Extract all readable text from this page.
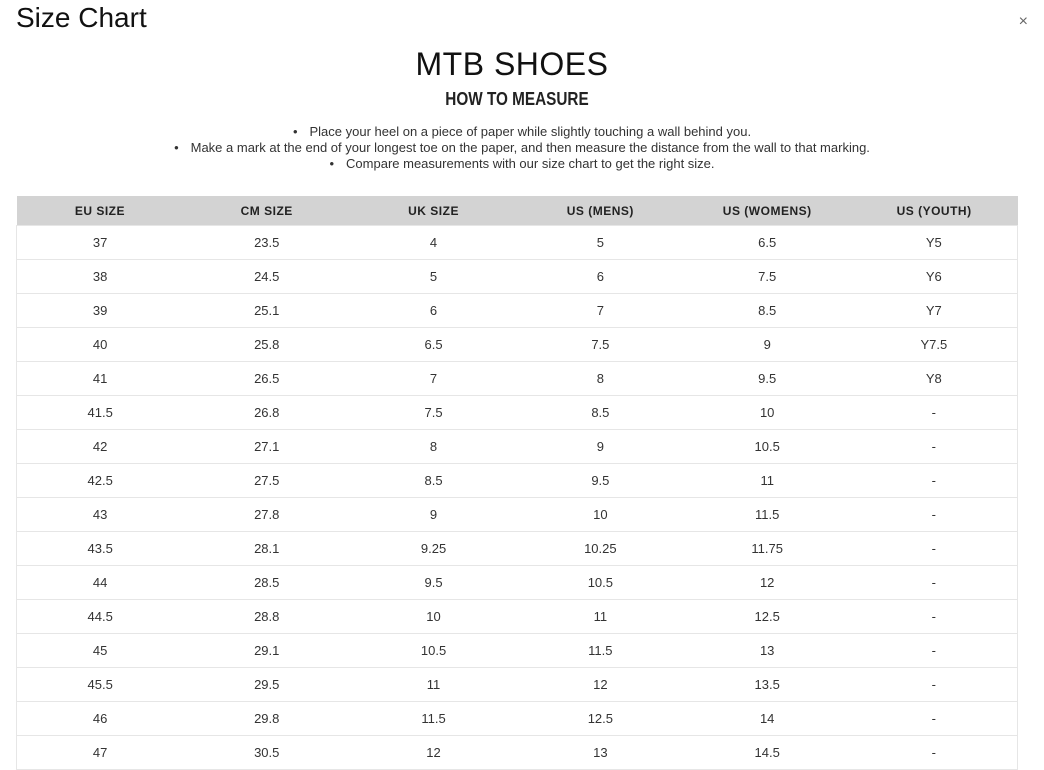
Size Chart	×
MTB SHOES
HOW TO MEASURE
• Place your heel on a piece of paper while slightly touching a wall behind you.
• Make a mark at the end of your longest toe on the paper, and then measure the distance from the wall to that marking.
• Compare measurements with our size chart to get the right size.
EU SIZE	CM SIZE	UK SIZE	US (MENS)	US (WOMENS)	US (YOUTH)
37	23.5	4	5	6.5	Y5
38	24.5	5	6	7.5	Y6
39	25.1	6	7	8.5	Y7
40	25.8	6.5	7.5	9	Y7.5
41	26.5	7	8	9.5	Y8
41.5	26.8	7.5	8.5	10	-
42	27.1	8	9	10.5	-
42.5	27.5	8.5	9.5	11	-
43	27.8	9	10	11.5	-
43.5	28.1	9.25	10.25	11.75	-
44	28.5	9.5	10.5	12	-
44.5	28.8	10	11	12.5	-
45	29.1	10.5	11.5	13	-
45.5	29.5	11	12	13.5	-
46	29.8	11.5	12.5	14	-
47	30.5	12	13	14.5	-
